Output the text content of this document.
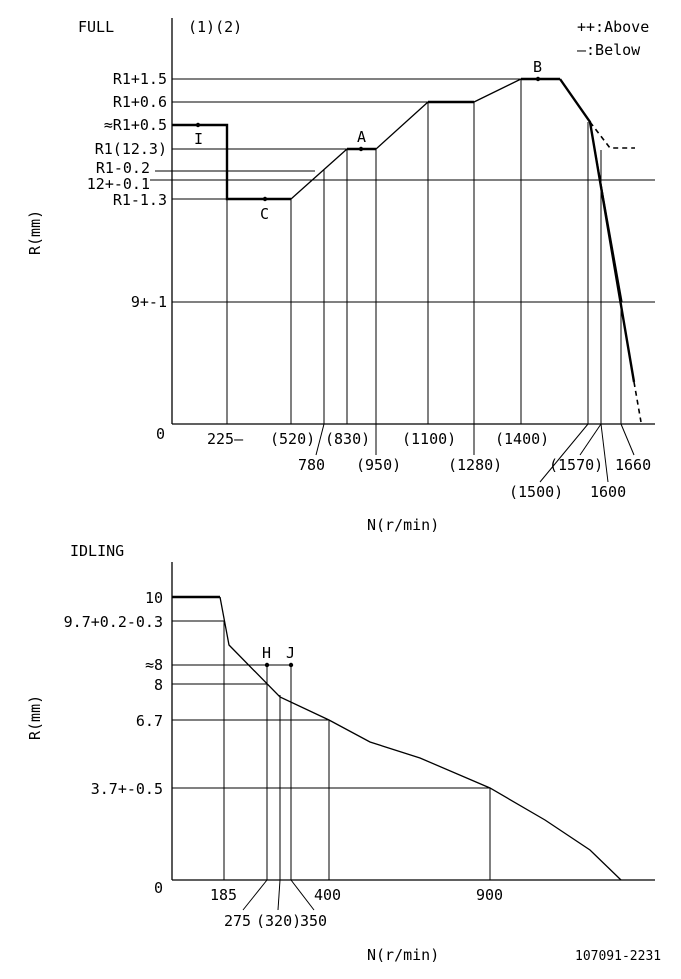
FULL	(1)(2)	++:Above
—:Below
I	A
B
C
R1+1.5
R1+0.6
≈R1+0.5
R1(12.3)
R1-0.2
12+-0.1
R1-1.3
9+-1
0
R(mm)
225— (520) (830)
780 (950)
(1100)
(1280)
(1400)
(1500)
(1570)
1600
1660
N(r/min)
IDLING
H J
10
9.7+0.2-0.3
≈8
8
6.7
3.7+-0.5
0
R(mm)
185	400	900
275 (320)
350
N(r/min)	107091-2231
